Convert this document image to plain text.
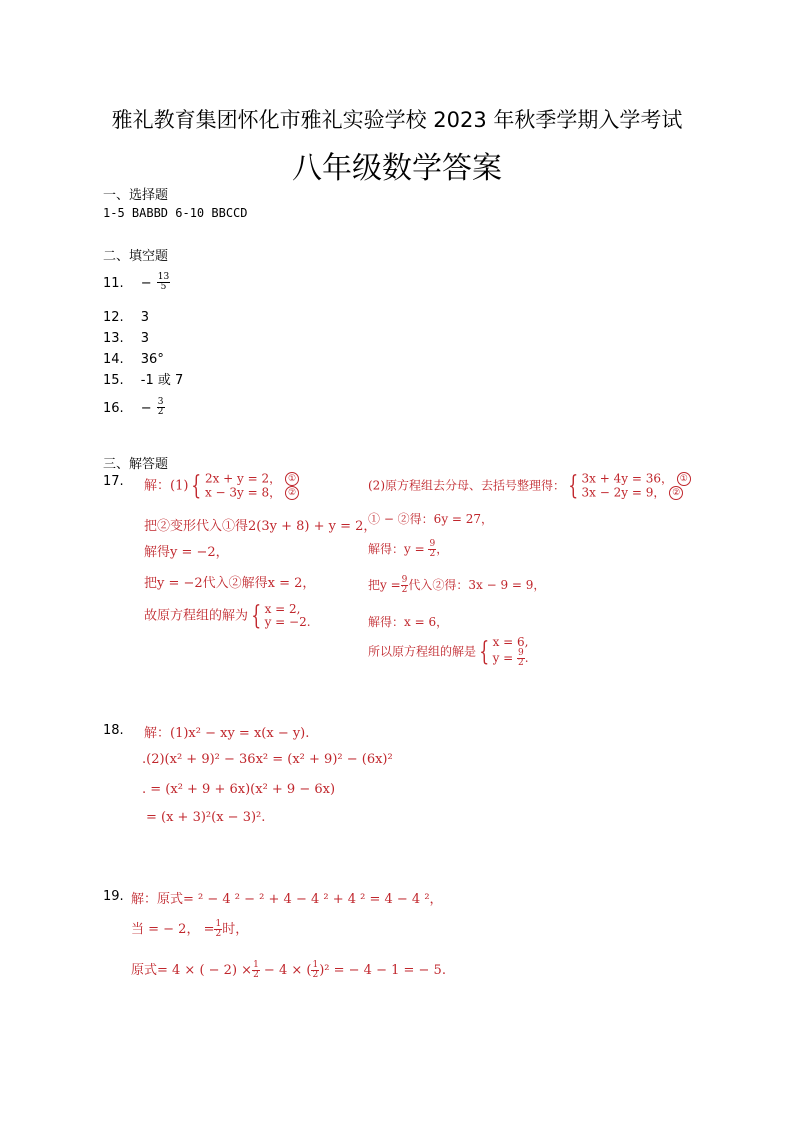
雅礼教育集团怀化市雅礼实验学校 2023 年秋季学期入学考试
八年级数学答案
一、选择题
1-5 BABBD 6-10 BBCCD
二、填空题
11. − $\frac{13}{5}$
12. 3
13. 3
14. 36°
15. -1 或 7
16. − $\frac{3}{2}$
三、解答题
17. 解：(1) { 2x + y = 2， ①
x − 3y = 8， ②
把②变形代入①得2(3y + 8) + y = 2，
解得y = −2，
把y = −2代入②解得x = 2，
故原方程组的解为 { x = 2,
y = −2.
(2)原方程组去分母、去括号整理得： { 3x + 4y = 36， ①
3x − 2y = 9， ②
① − ②得：6y = 27，
解得：$y = \frac{9}{2}$ ，
把$y = \frac{9}{2}$ 代入②得：3x − 9 = 9，
解得：x = 6，
所以原方程组的解是 { x = 6,
$y = \frac{9}{2}$ .
18. 解：(1)x² − xy = x(x − y).
.(2)(x² + 9)² − 36x² = (x² + 9)² − (6x)²
. = (x² + 9 + 6x)(x² + 9 − 6x)
= (x + 3)²(x − 3)².
19. 解：原式= ² − 4 ² − ² + 4 − 4 ² + 4 ² = 4 − 4 ²，
当 = − 2， = $\frac{1}{2}$ 时，
原式= 4 × ( − $2) \times \frac{1}{2} - 4$ × ( $\frac{1}{2} )^2$ = − 4 − 1 = − 5.
